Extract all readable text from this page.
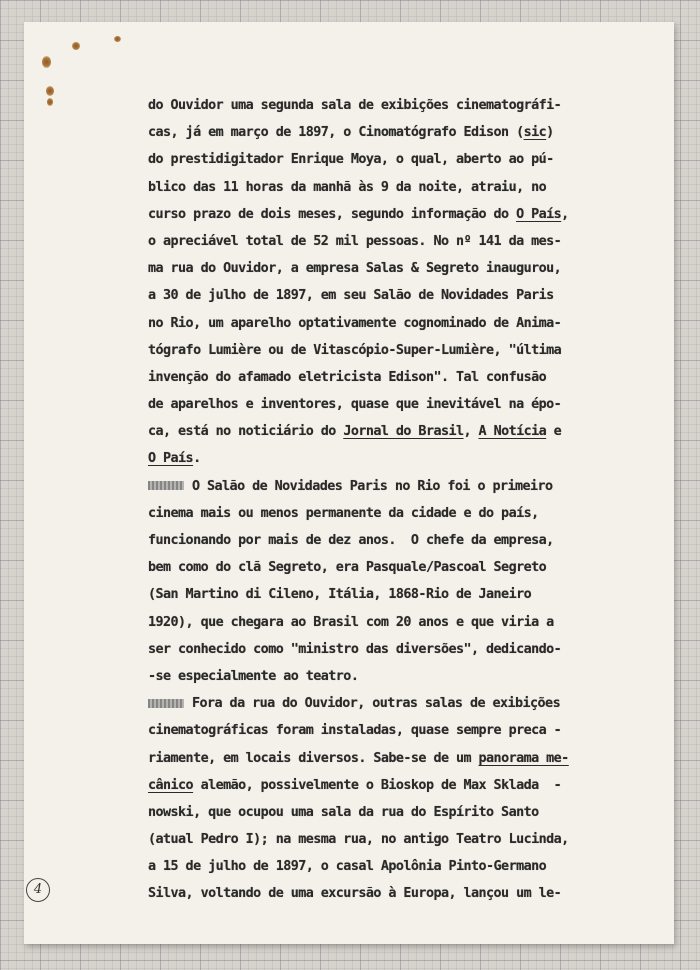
do Ouvidor uma segunda sala de exibições cinematográfi-
cas, já em março de 1897, o Cinomatógrafo Edison (sic)
do prestidigitador Enrique Moya, o qual, aberto ao pú-
blico das 11 horas da manhã às 9 da noite, atraiu, no
curso prazo de dois meses, segundo informação do O País,
o apreciável total de 52 mil pessoas. No nº 141 da mes-
ma rua do Ouvidor, a empresa Salas & Segreto inaugurou,
a 30 de julho de 1897, em seu Salão de Novidades Paris
no Rio, um aparelho optativamente cognominado de Anima-
tógrafo Lumière ou de Vitascópio-Super-Lumière, "última
invenção do afamado eletricista Edison". Tal confusão
de aparelhos e inventores, quase que inevitável na épo-
ca, está no noticiário do Jornal do Brasil, A Notícia e
O País.
O Salão de Novidades Paris no Rio foi o primeiro
cinema mais ou menos permanente da cidade e do país,
funcionando por mais de dez anos.  O chefe da empresa,
bem como do clã Segreto, era Pasquale/Pascoal Segreto
(San Martino di Cileno, Itália, 1868-Rio de Janeiro
1920), que chegara ao Brasil com 20 anos e que viria a
ser conhecido como "ministro das diversões", dedicando-
-se especialmente ao teatro.
Fora da rua do Ouvidor, outras salas de exibições
cinematográficas foram instaladas, quase sempre preca -
riamente, em locais diversos. Sabe-se de um panorama me-
cânico alemão, possivelmente o Bioskop de Max Sklada  -
nowski, que ocupou uma sala da rua do Espírito Santo
(atual Pedro I); na mesma rua, no antigo Teatro Lucinda,
a 15 de julho de 1897, o casal Apolônia Pinto-Germano
Silva, voltando de uma excursão à Europa, lançou um le-
4
